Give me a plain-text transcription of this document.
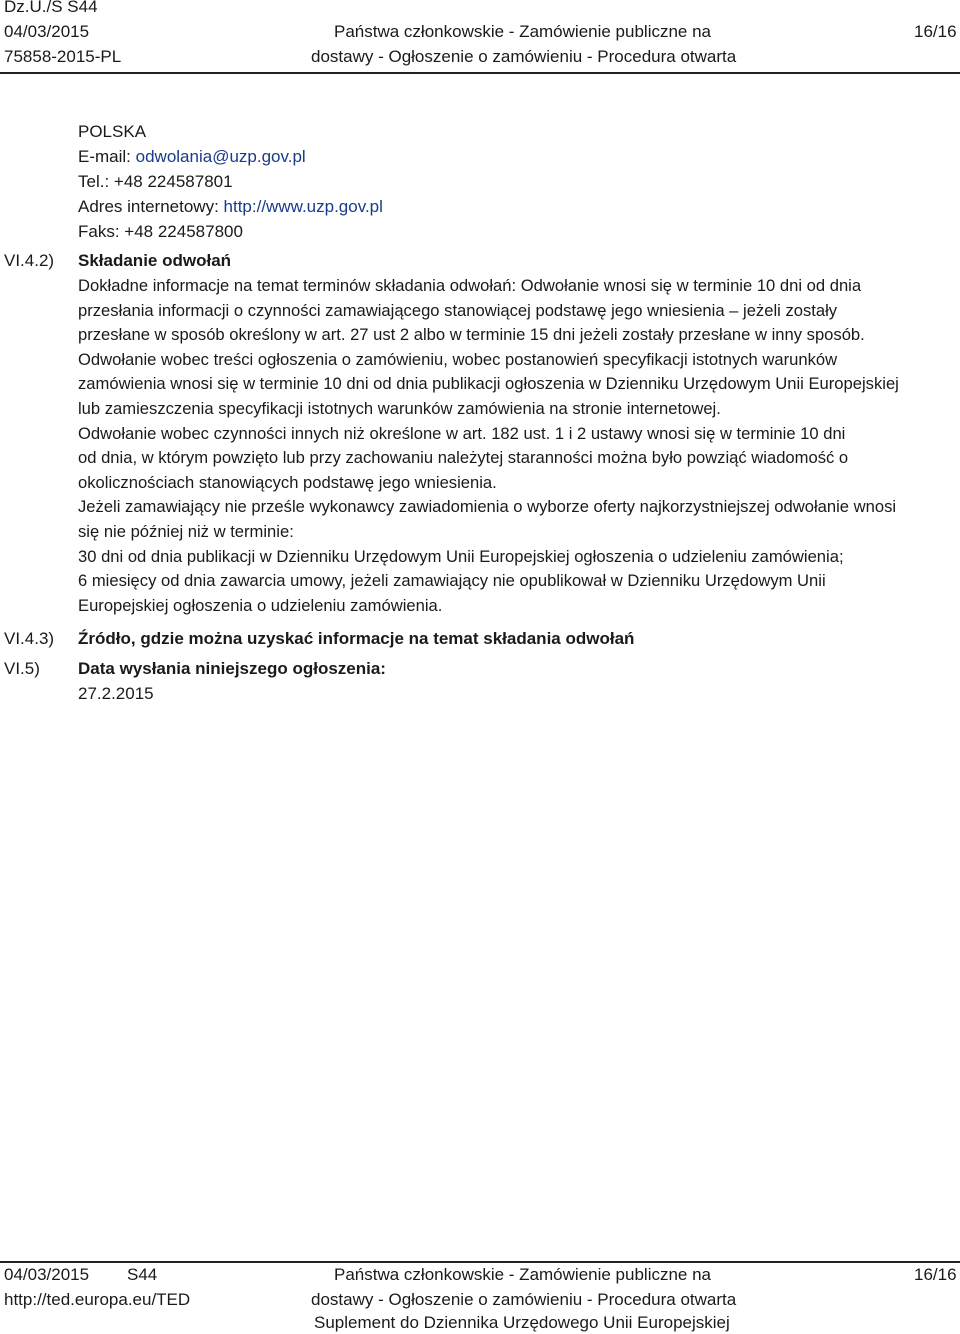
Dz.U./S S44
04/03/2015
75858-2015-PL
Państwa członkowskie - Zamówienie publiczne na
dostawy - Ogłoszenie o zamówieniu - Procedura otwarta
16/16
POLSKA
E-mail: odwolania@uzp.gov.pl
Tel.: +48 224587801
Adres internetowy: http://www.uzp.gov.pl
Faks: +48 224587800
VI.4.2) Składanie odwołań

Dokładne informacje na temat terminów składania odwołań: Odwołanie wnosi się w terminie 10 dni od dnia

przesłania informacji o czynności zamawiającego stanowiącej podstawę jego wniesienia – jeżeli zostały

przesłane w sposób określony w art. 27 ust 2 albo w terminie 15 dni jeżeli zostały przesłane w inny sposób.

Odwołanie wobec treści ogłoszenia o zamówieniu, wobec postanowień specyfikacji istotnych warunków

zamówienia wnosi się w terminie 10 dni od dnia publikacji ogłoszenia w Dzienniku Urzędowym Unii Europejskiej

lub zamieszczenia specyfikacji istotnych warunków zamówienia na stronie internetowej.

Odwołanie wobec czynności innych niż określone w art. 182 ust. 1 i 2 ustawy wnosi się w terminie 10 dni

od dnia, w którym powzięto lub przy zachowaniu należytej staranności można było powziąć wiadomość o

okolicznościach stanowiących podstawę jego wniesienia.

Jeżeli zamawiający nie prześle wykonawcy zawiadomienia o wyborze oferty najkorzystniejszej odwołanie wnosi

się nie później niż w terminie:

30 dni od dnia publikacji w Dzienniku Urzędowym Unii Europejskiej ogłoszenia o udzieleniu zamówienia;

6 miesięcy od dnia zawarcia umowy, jeżeli zamawiający nie opublikował w Dzienniku Urzędowym Unii

Europejskiej ogłoszenia o udzieleniu zamówienia.

VI.4.3) Źródło, gdzie można uzyskać informacje na temat składania odwołań
VI.5) Data wysłania niniejszego ogłoszenia:
27.2.2015
04/03/2015 S44
http://ted.europa.eu/TED
Państwa członkowskie - Zamówienie publiczne na
dostawy - Ogłoszenie o zamówieniu - Procedura otwarta
Suplement do Dziennika Urzędowego Unii Europejskiej
16/16
